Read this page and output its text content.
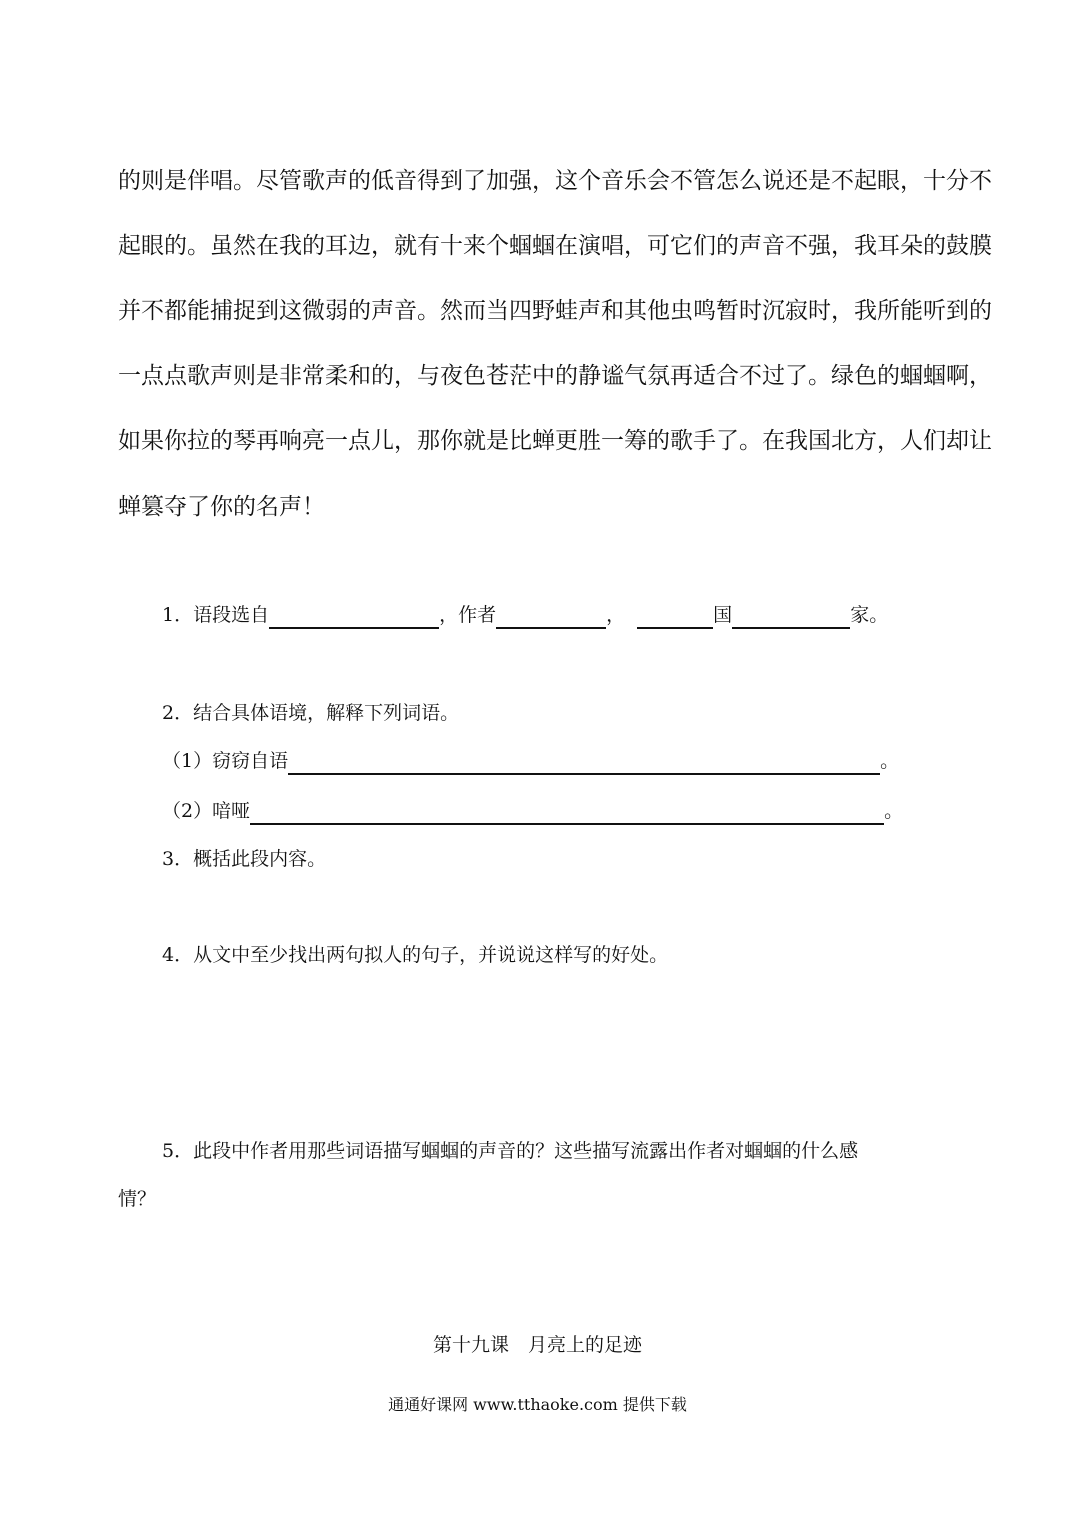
的则是伴唱。尽管歌声的低音得到了加强，这个音乐会不管怎么说还是不起眼，十分不
起眼的。虽然在我的耳边，就有十来个蝈蝈在演唱，可它们的声音不强，我耳朵的鼓膜
并不都能捕捉到这微弱的声音。然而当四野蛙声和其他虫鸣暂时沉寂时，我所能听到的
一点点歌声则是非常柔和的，与夜色苍茫中的静谧气氛再适合不过了。绿色的蝈蝈啊，
如果你拉的琴再响亮一点儿，那你就是比蝉更胜一筹的歌手了。在我国北方，人们却让
蝉篡夺了你的名声！
1．语段选自	，作者	，	国	家。
2．结合具体语境，解释下列词语。
（1）窃窃自语	。
（2）喑哑	。
3．概括此段内容。
4．从文中至少找出两句拟人的句子，并说说这样写的好处。
5．此段中作者用那些词语描写蝈蝈的声音的？这些描写流露出作者对蝈蝈的什么感
情？
第十九课　月亮上的足迹
通通好课网 www.tthaoke.com 提供下载
